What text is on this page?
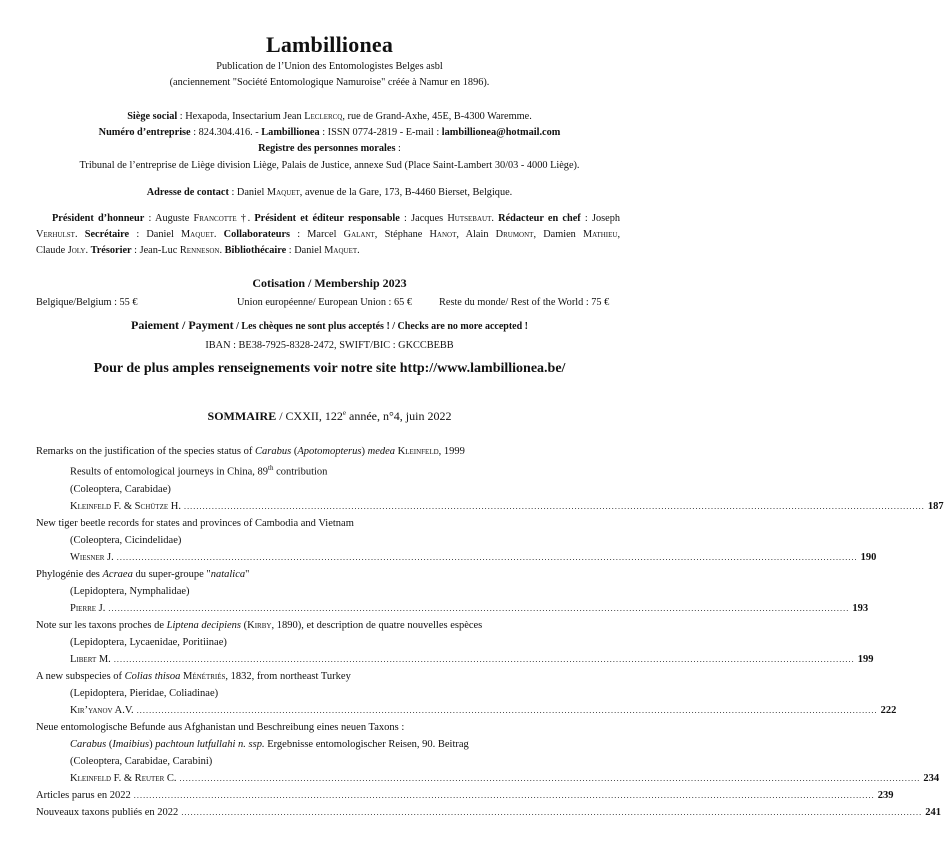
Lambillionea
Publication de l’Union des Entomologistes Belges asbl
(anciennement "Société Entomologique Namuroise" créée à Namur en 1896).
Siège social : Hexapoda, Insectarium Jean Leclercq, rue de Grand-Axhe, 45E, B-4300 Waremme.
Numéro d’entreprise : 824.304.416. - Lambillionea : ISSN 0774-2819 - E-mail : lambillionea@hotmail.com
Registre des personnes morales :
Tribunal de l’entreprise de Liège division Liège, Palais de Justice, annexe Sud (Place Saint-Lambert 30/03 - 4000 Liège).
Adresse de contact : Daniel Maquet, avenue de la Gare, 173, B-4460 Bierset, Belgique.
Président d’honneur : Auguste Francotte †. Président et éditeur responsable : Jacques Hutsebaut. Rédacteur en chef : Joseph
Verhulst. Secrétaire : Daniel Maquet. Collaborateurs : Marcel Galant, Stéphane Hanot, Alain Drumont, Damien Mathieu,
Claude Joly. Trésorier : Jean-Luc Renneson. Bibliothécaire : Daniel Maquet.
Cotisation / Membership 2023
Belgique/Belgium : 55 €	Union européenne/ European Union : 65 €	Reste du monde/ Rest of the World : 75 €
Paiement / Payment / Les chèques ne sont plus acceptés ! / Checks are no more accepted !
IBAN : BE38-7925-8328-2472, SWIFT/BIC : GKCCBEBB
Pour de plus amples renseignements voir notre site http://www.lambillionea.be/
SOMMAIRE / CXXII, 122e année, n°4, juin 2022
Remarks on the justification of the species status of Carabus (Apotomopterus) medea Kleinfeld, 1999
Results of entomological journeys in China, 89th contribution
(Coleoptera, Carabidae)
Kleinfeld F. & Schütze H. ............................................................................................................................................................................................................................................... 187
New tiger beetle records for states and provinces of Cambodia and Vietnam
(Coleoptera, Cicindelidae)
Wiesner J. ............................................................................................................................................................................................................................................... 190
Phylogénie des Acraea du super-groupe "natalica"
(Lepidoptera, Nymphalidae)
Pierre J. ............................................................................................................................................................................................................................................... 193
Note sur les taxons proches de Liptena decipiens (Kirby, 1890), et description de quatre nouvelles espèces
(Lepidoptera, Lycaenidae, Poritiinae)
Libert M. ............................................................................................................................................................................................................................................... 199
A new subspecies of Colias thisoa Ménétriés, 1832, from northeast Turkey
(Lepidoptera, Pieridae, Coliadinae)
Kir’yanov A.V. ............................................................................................................................................................................................................................................... 222
Neue entomologische Befunde aus Afghanistan und Beschreibung eines neuen Taxons :
Carabus (Imaibius) pachtoun lutfullahi n. ssp. Ergebnisse entomologischer Reisen, 90. Beitrag
(Coleoptera, Carabidae, Carabini)
Kleinfeld F. & Reuter C. ............................................................................................................................................................................................................................................... 234
Articles parus en 2022 ............................................................................................................................................................................................................................................... 239
Nouveaux taxons publiés en 2022 ............................................................................................................................................................................................................................................... 241
